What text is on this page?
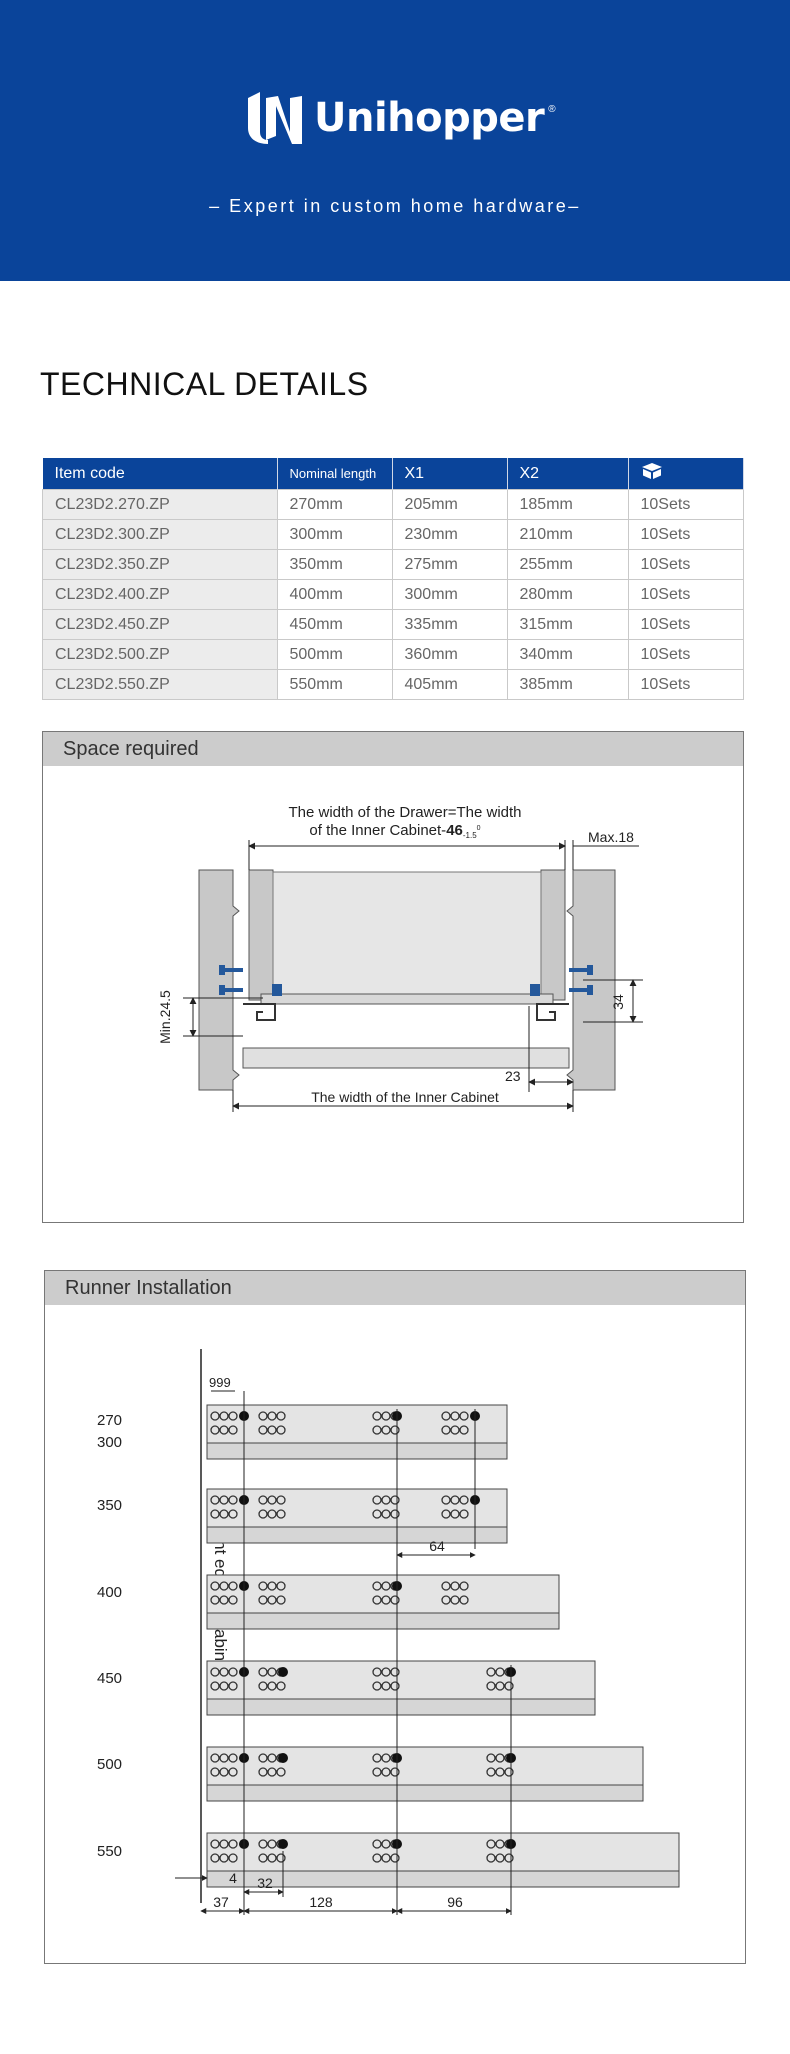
Unihopper ®
– Expert in custom home hardware–
TECHNICAL DETAILS
Item code	Nominal length	X1	X2	
CL23D2.270.ZP	270mm	205mm	185mm	10Sets
CL23D2.300.ZP	300mm	230mm	210mm	10Sets
CL23D2.350.ZP	350mm	275mm	255mm	10Sets
CL23D2.400.ZP	400mm	300mm	280mm	10Sets
CL23D2.450.ZP	450mm	335mm	315mm	10Sets
CL23D2.500.ZP	500mm	360mm	340mm	10Sets
CL23D2.550.ZP	550mm	405mm	385mm	10Sets
Space required
The width of the Drawer=The width
of the Inner Cabinet-$46_{-1.5}^0$
Max.18
Min.24.5	34
23
The width of the Inner Cabinet
Runner Installation
999
270
300
350
400
450
500
550
64
4 32
37	128	96
